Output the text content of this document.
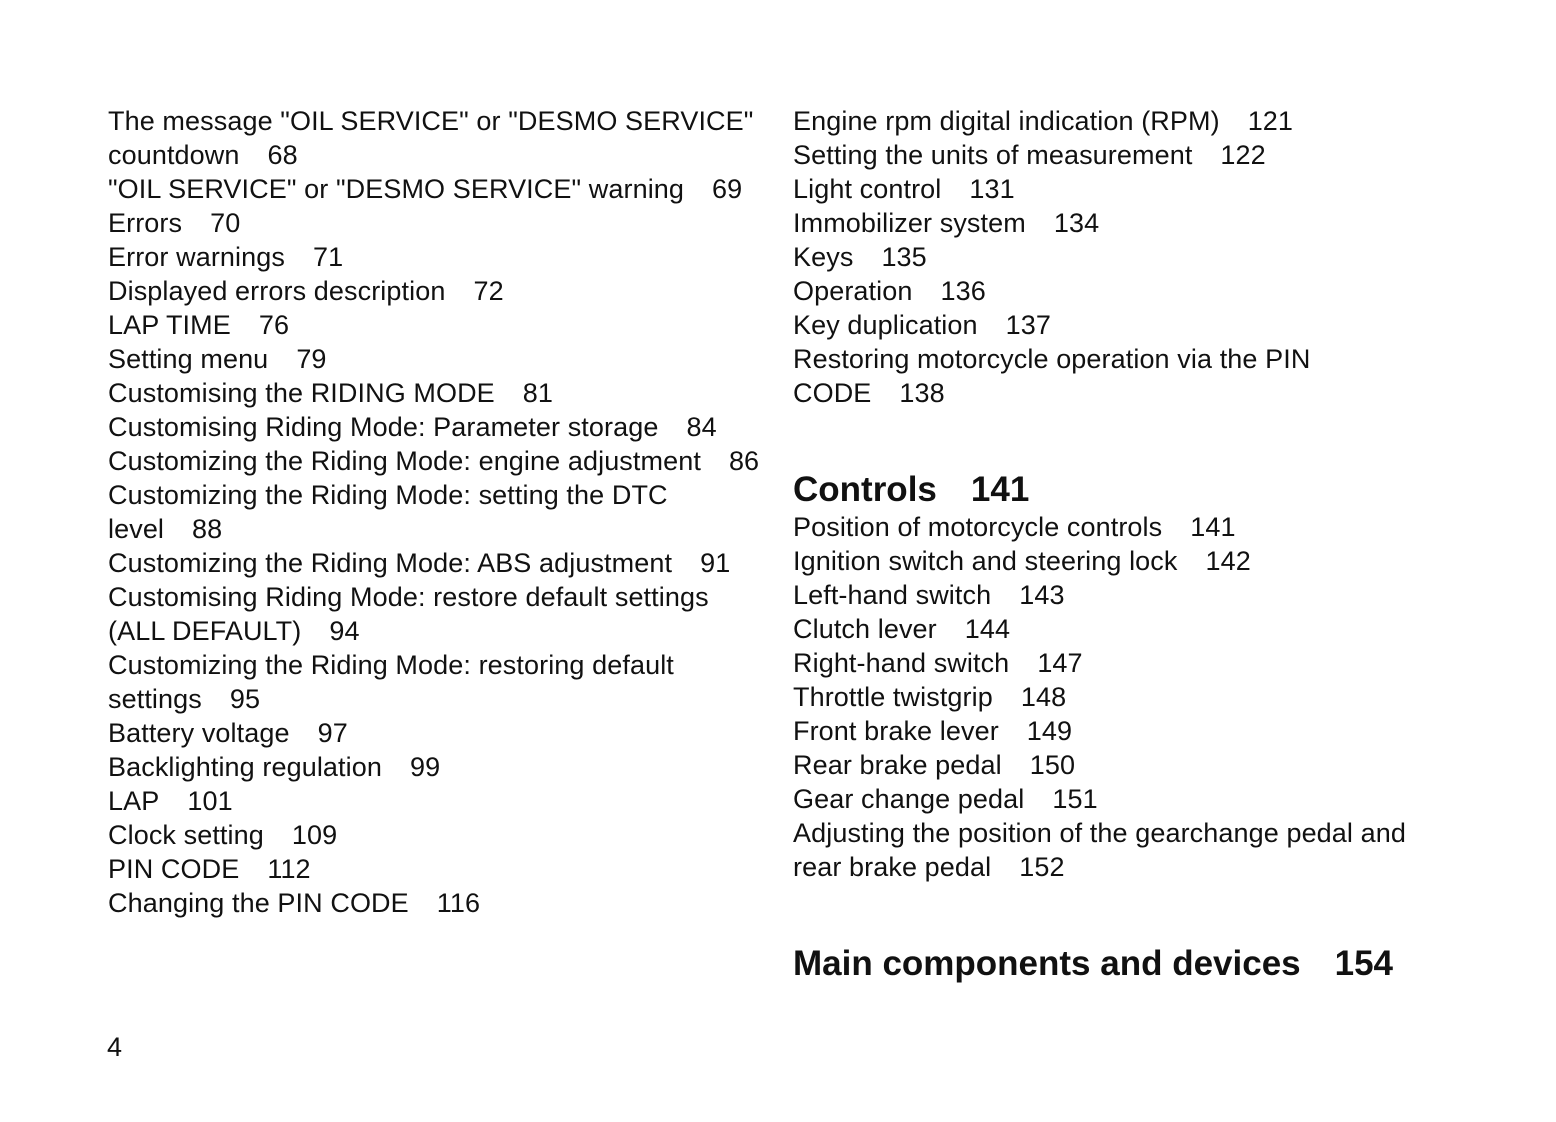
The message "OIL SERVICE" or "DESMO SERVICE" countdown 68

"OIL SERVICE" or "DESMO SERVICE" warning 69

Errors 70

Error warnings 71

Displayed errors description 72

LAP TIME 76

Setting menu 79

Customising the RIDING MODE 81

Customising Riding Mode: Parameter storage 84

Customizing the Riding Mode: engine adjustment 86

Customizing the Riding Mode: setting the DTC level 88

Customizing the Riding Mode: ABS adjustment 91

Customising Riding Mode: restore default settings (ALL DEFAULT) 94

Customizing the Riding Mode: restoring default settings 95

Battery voltage 97

Backlighting regulation 99

LAP 101

Clock setting 109

PIN CODE 112

Changing the PIN CODE 116

Engine rpm digital indication (RPM) 121

Setting the units of measurement 122

Light control 131

Immobilizer system 134

Keys 135

Operation 136

Key duplication 137

Restoring motorcycle operation via the PIN CODE 138

Controls 141

Position of motorcycle controls 141

Ignition switch and steering lock 142

Left-hand switch 143

Clutch lever 144

Right-hand switch 147

Throttle twistgrip 148

Front brake lever 149

Rear brake pedal 150

Gear change pedal 151

Adjusting the position of the gearchange pedal and rear brake pedal 152

Main components and devices 154
4
